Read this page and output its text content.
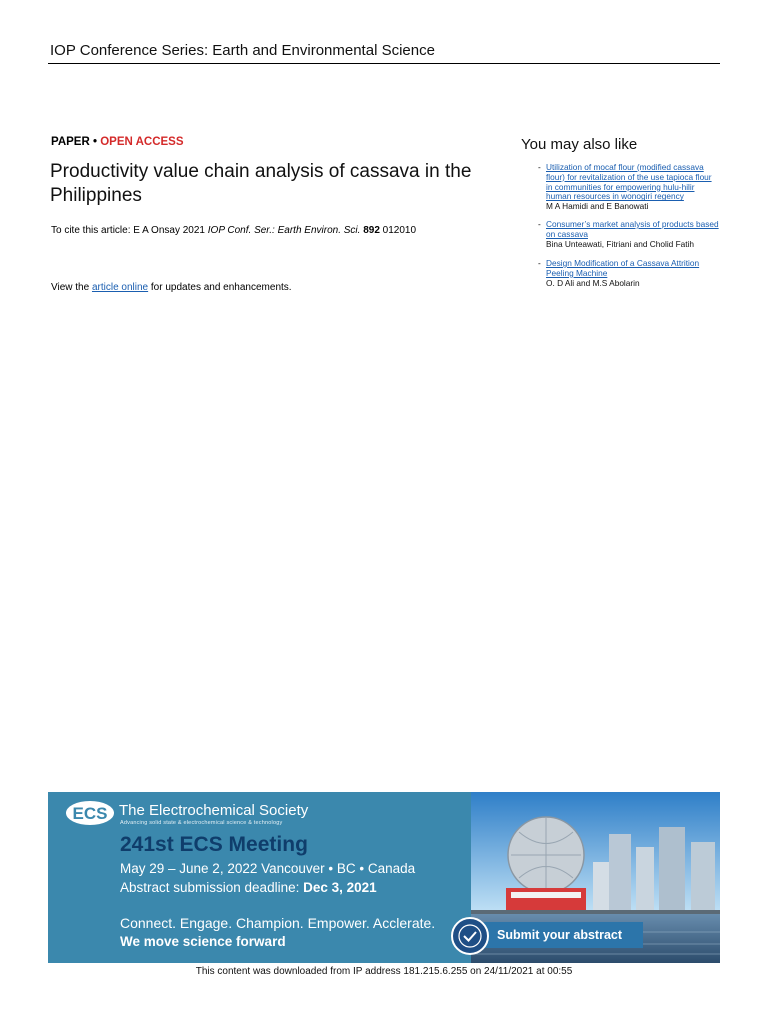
IOP Conference Series: Earth and Environmental Science
PAPER • OPEN ACCESS
Productivity value chain analysis of cassava in the Philippines
To cite this article: E A Onsay 2021 IOP Conf. Ser.: Earth Environ. Sci. 892 012010
View the article online for updates and enhancements.
You may also like
- Utilization of mocaf flour (modified cassava flour) for revitalization of the use tapioca flour in communities for empowering hulu-hilir human resources in wonogiri regency
M A Hamidi and E Banowati
- Consumer’s market analysis of products based on cassava
Bina Unteawati, Fitriani and Cholid Fatih
- Design Modification of a Cassava Attrition Peeling Machine
O. D Ali and M.S Abolarin
ECS The Electrochemical Society
Advancing solid state & electrochemical science & technology
241st ECS Meeting
May 29 – June 2, 2022 Vancouver • BC • Canada
Abstract submission deadline: Dec 3, 2021
Connect. Engage. Champion. Empower. Acclerate.
We move science forward	Submit your abstract
This content was downloaded from IP address 181.215.6.255 on 24/11/2021 at 00:55
